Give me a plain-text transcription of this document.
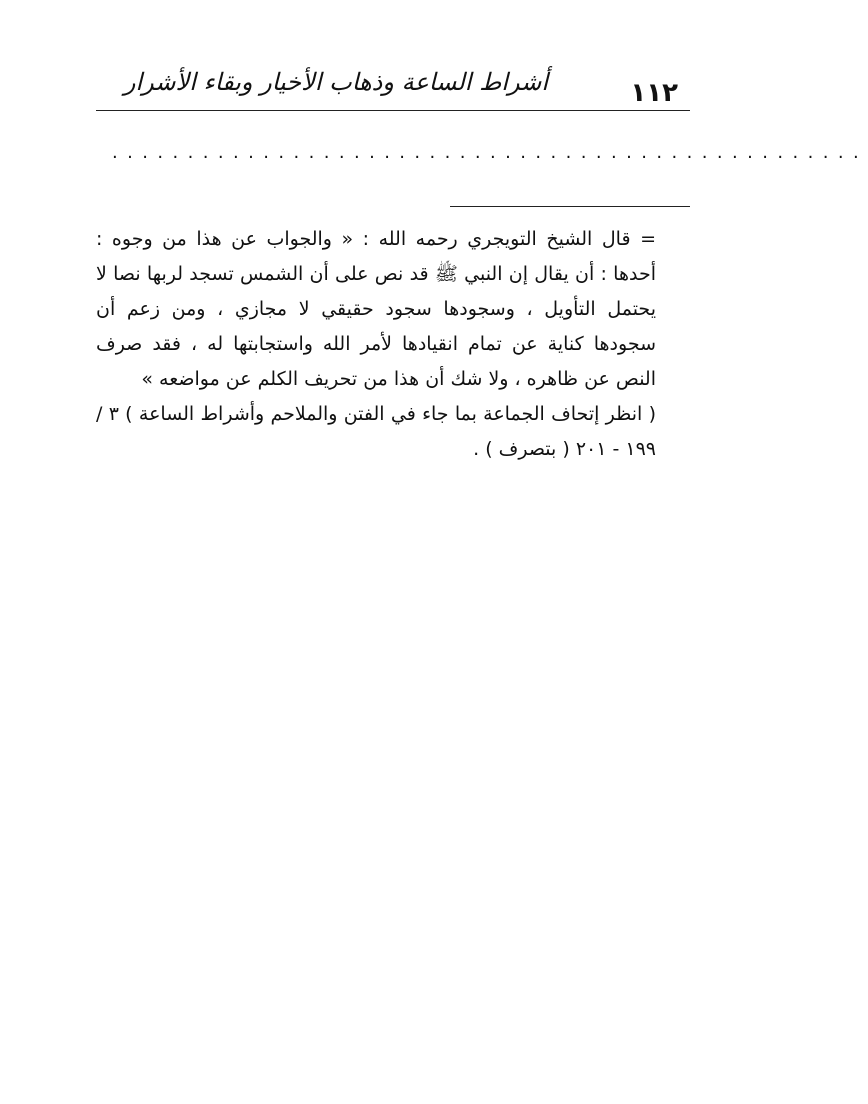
١١٢
أشراط الساعة وذهاب الأخيار وبقاء الأشرار
..................................................

= قال الشيخ التويجري رحمه الله : « والجواب عن هذا من وجوه : أحدها : أن يقال إن النبي ﷺ قد نص على أن الشمس تسجد لربها نصا لا يحتمل التأويل ، وسجودها سجود حقيقي لا مجازي ، ومن زعم أن سجودها كناية عن تمام انقيادها لأمر الله واستجابتها له ، فقد صرف النص عن ظاهره ، ولا شك أن هذا من تحريف الكلم عن مواضعه »

( انظر إتحاف الجماعة بما جاء في الفتن والملاحم وأشراط الساعة ) ٣ / ١٩٩ - ٢٠١ ( بتصرف ) .
